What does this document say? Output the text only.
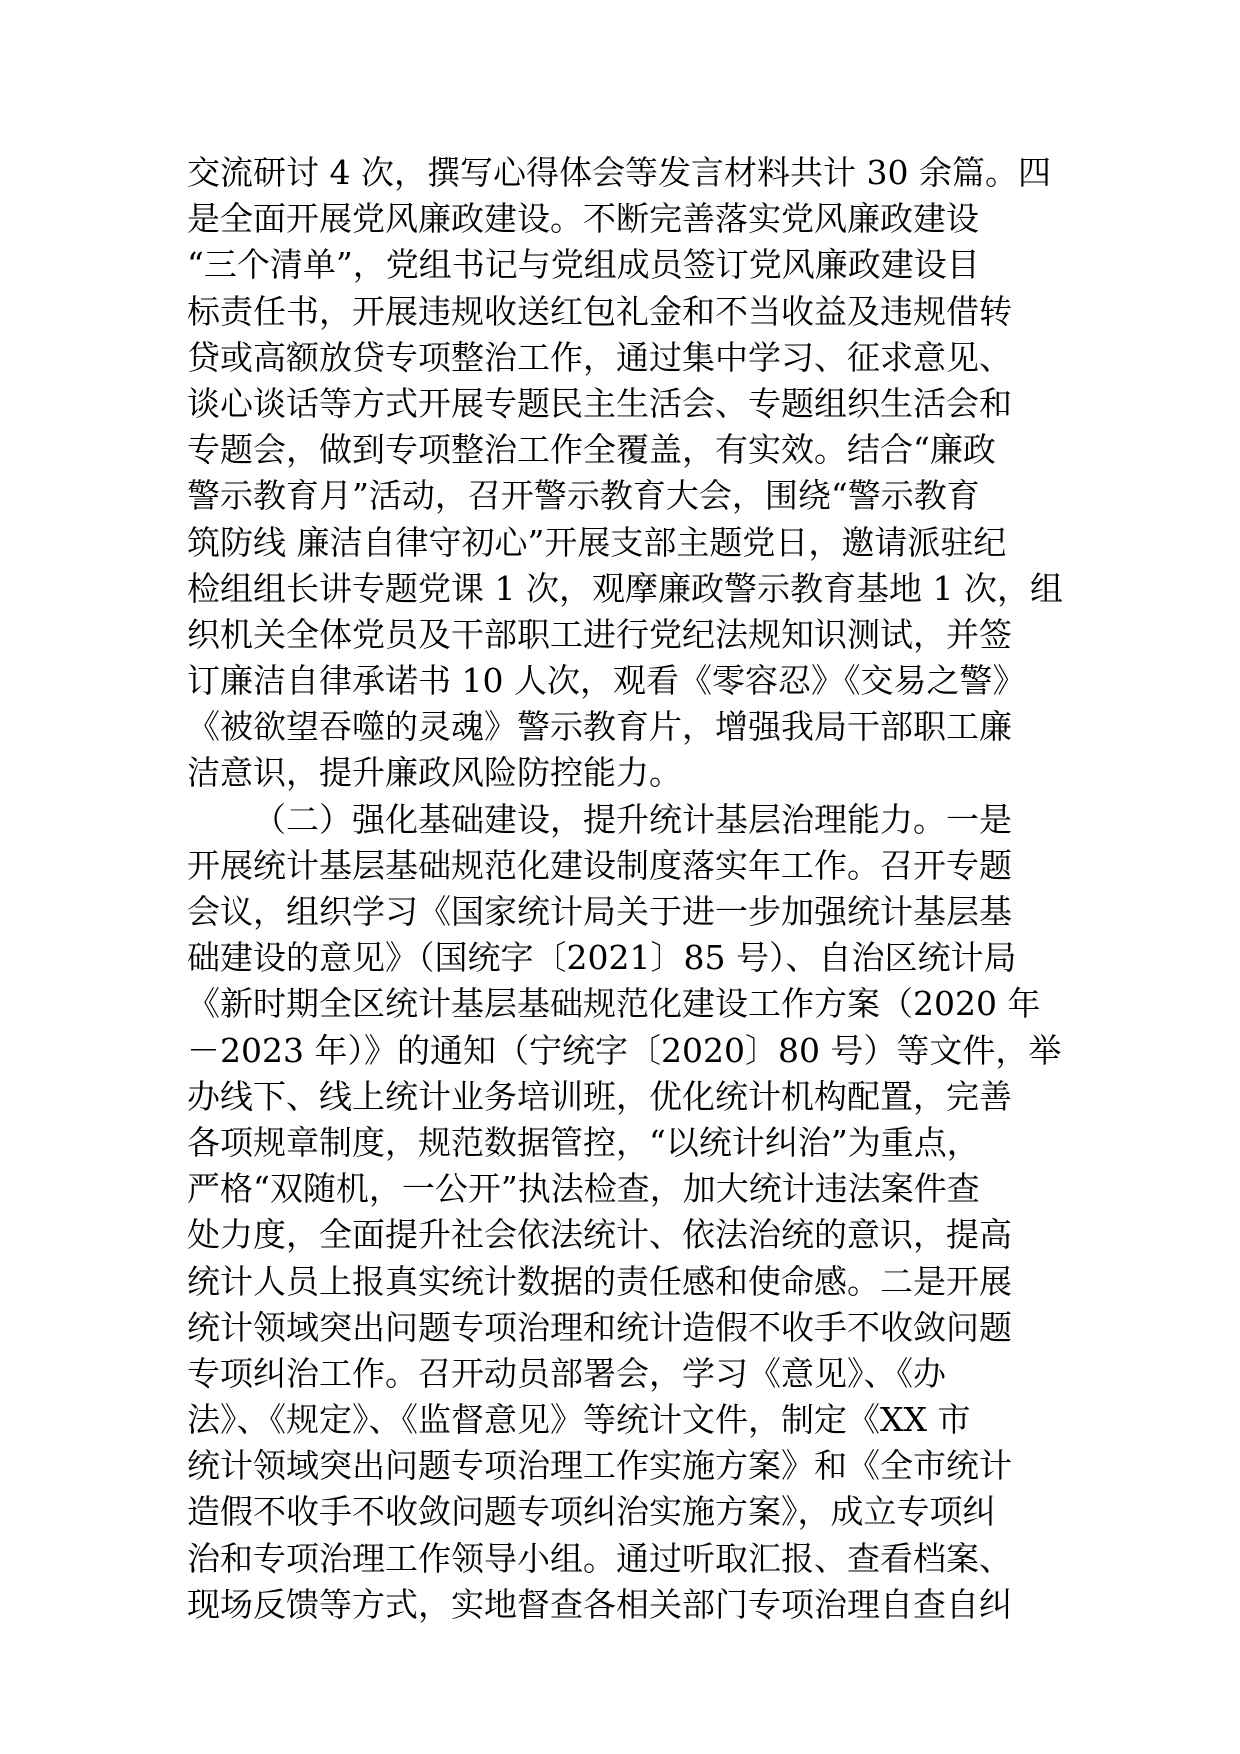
交流研讨 4 次，撰写心得体会等发言材料共计 30 余篇。四
是全面开展党风廉政建设。不断完善落实党风廉政建设
“三个清单”，党组书记与党组成员签订党风廉政建设目
标责任书，开展违规收送红包礼金和不当收益及违规借转
贷或高额放贷专项整治工作，通过集中学习、征求意见、
谈心谈话等方式开展专题民主生活会、专题组织生活会和
专题会，做到专项整治工作全覆盖，有实效。结合“廉政
警示教育月”活动，召开警示教育大会，围绕“警示教育
筑防线 廉洁自律守初心”开展支部主题党日，邀请派驻纪
检组组长讲专题党课 1 次，观摩廉政警示教育基地 1 次，组
织机关全体党员及干部职工进行党纪法规知识测试，并签
订廉洁自律承诺书 10 人次，观看《零容忍》《交易之警》
《被欲望吞噬的灵魂》警示教育片，增强我局干部职工廉
洁意识，提升廉政风险防控能力。
（二）强化基础建设，提升统计基层治理能力。一是
开展统计基层基础规范化建设制度落实年工作。召开专题
会议，组织学习《国家统计局关于进一步加强统计基层基
础建设的意见》（国统字〔2021〕85 号）、自治区统计局
《新时期全区统计基层基础规范化建设工作方案（2020 年
－2023 年）》的通知（宁统字〔2020〕80 号）等文件，举
办线下、线上统计业务培训班，优化统计机构配置，完善
各项规章制度，规范数据管控，“以统计纠治”为重点，
严格“双随机，一公开”执法检查，加大统计违法案件查
处力度，全面提升社会依法统计、依法治统的意识，提高
统计人员上报真实统计数据的责任感和使命感。二是开展
统计领域突出问题专项治理和统计造假不收手不收敛问题
专项纠治工作。召开动员部署会，学习《意见》、《办
法》、《规定》、《监督意见》等统计文件，制定《XX 市
统计领域突出问题专项治理工作实施方案》和《全市统计
造假不收手不收敛问题专项纠治实施方案》，成立专项纠
治和专项治理工作领导小组。通过听取汇报、查看档案、
现场反馈等方式，实地督查各相关部门专项治理自查自纠
